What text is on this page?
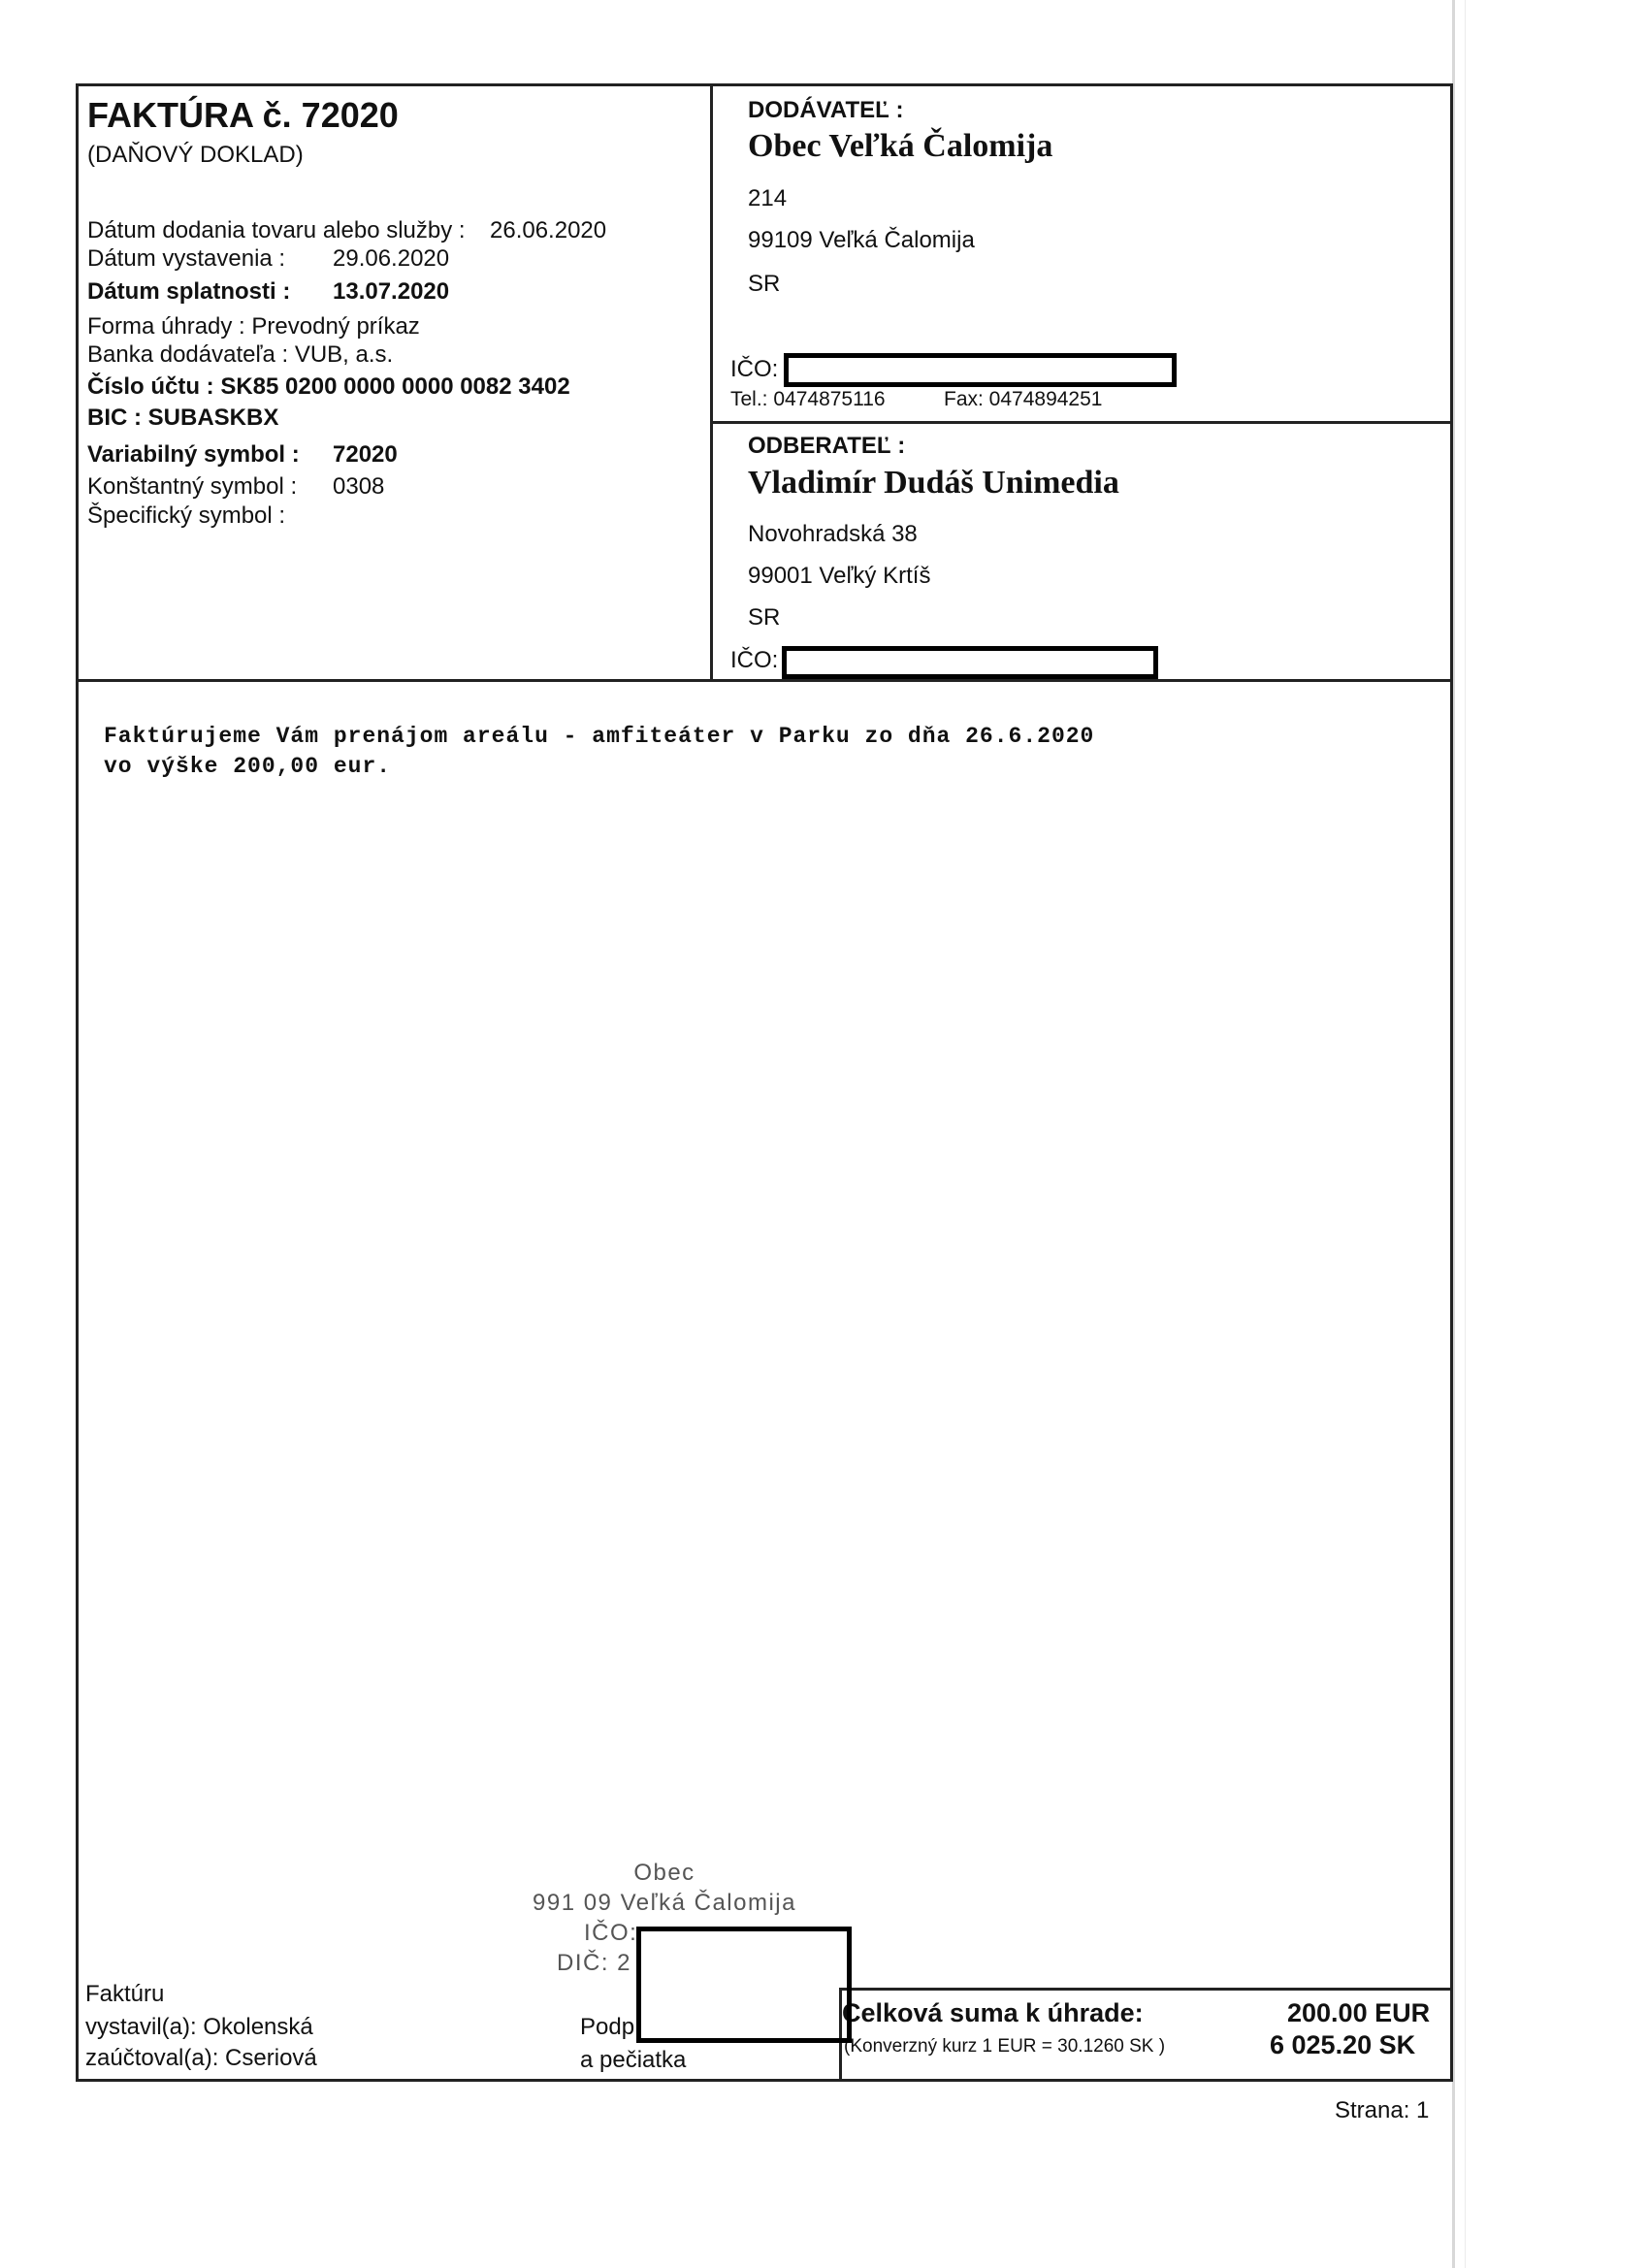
FAKTÚRA č. 72020
(DAŇOVÝ DOKLAD)
Dátum dodania tovaru alebo služby : 26.06.2020
Dátum vystavenia : 29.06.2020
Dátum splatnosti : 13.07.2020
Forma úhrady : Prevodný príkaz
Banka dodávateľa : VUB, a.s.
Číslo účtu : SK85 0200 0000 0000 0082 3402
BIC : SUBASKBX
Variabilný symbol : 72020
Konštantný symbol : 0308
Špecifický symbol :
DODÁVATEĽ :
Obec Veľká Čalomija
214
99109 Veľká Čalomija
SR
IČO:
Tel.: 0474875116	Fax: 0474894251
ODBERATEĽ :
Vladimír Dudáš Unimedia
Novohradská 38
99001 Veľký Krtíš
SR
IČO:
Faktúrujeme Vám prenájom areálu - amfiteáter v Parku zo dňa 26.6.2020
vo výške 200,00 eur.
Obec
991 09 Veľká Čalomija
IČO:
DIČ: 2
Faktúru
vystavil(a): Okolenská
zaúčtoval(a): Cseriová
Podp
a pečiatka
Celková suma k úhrade:
(Konverzný kurz 1 EUR = 30.1260 SK )
200.00 EUR
6 025.20 SK
Strana: 1
